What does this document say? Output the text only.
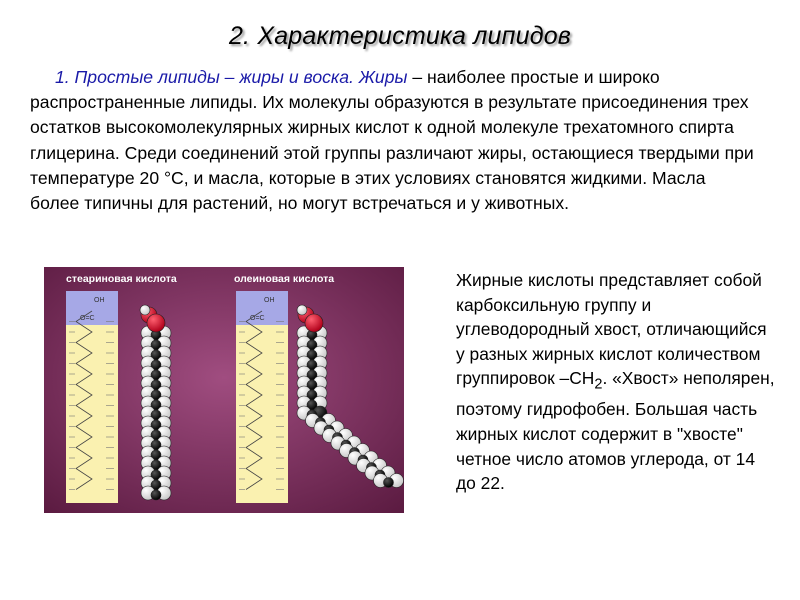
2. Характеристика липидов
1. Простые липиды – жиры и воска. Жиры – наиболее простые и широко распространенные липиды. Их молекулы образуются в результате присоединения трех остатков высокомолекулярных жирных кислот к одной молекуле трехатомного спирта глицерина. Среди соединений этой группы различают жиры, остающиеся твердыми при температуре 20 °С, и масла, которые в этих условиях становятся жидкими. Масла более типичны для растений, но могут встречаться и у животных.
стеариновая кислота	олеиновая кислота
OH
O=C
OH
O=C
Жирные кислоты представляет собой карбоксильную группу и углеводородный хвост, отличающийся у разных жирных кислот количеством группировок $-CH_2$. «Хвост» неполярен, поэтому гидрофобен. Большая часть жирных кислот содержит в "хвосте" четное число атомов углерода, от 14 до 22.
